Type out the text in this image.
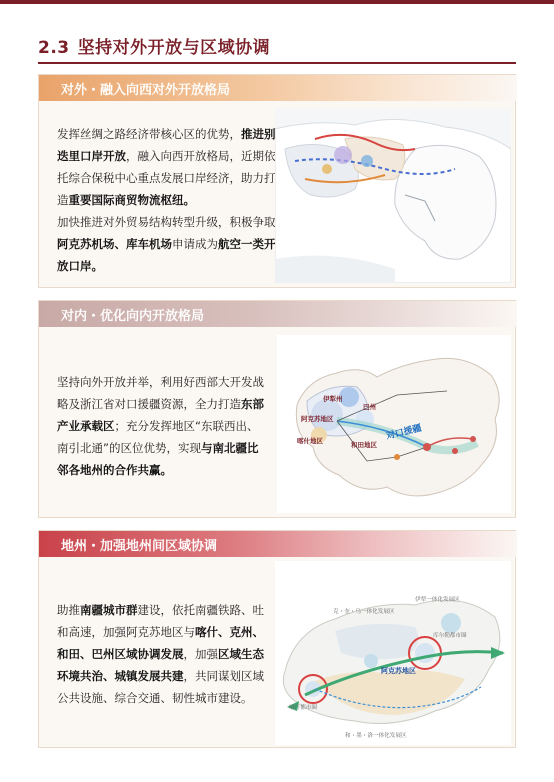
2.3 坚持对外开放与区域协调
对外・融入向西对外开放格局
发挥丝绸之路经济带核心区的优势，推进别迭里口岸开放，融入向西开放格局，近期依托综合保税中心重点发展口岸经济，助力打造重要国际商贸物流枢纽。
加快推进对外贸易结构转型升级，积极争取阿克苏机场、库车机场申请成为航空一类开放口岸。
对内・优化向内开放格局
坚持向外开放并举，利用好西部大开发战略及浙江省对口援疆资源，全力打造东部产业承载区；充分发挥地区“东联西出、南引北通”的区位优势，实现与南北疆比邻各地州的合作共赢。
伊犁州
阿克苏地区
巴州
喀什地区	和田地区
对口援疆
地州・加强地州间区域协调
助推南疆城市群建设，依托南疆铁路、吐和高速，加强阿克苏地区与喀什、克州、和田、巴州区域协调发展，加强区域生态环境共治、城镇发展共建，共同谋划区域公共设施、综合交通、韧性城市建设。
阿克苏地区
克・奎・乌一体化发展区
伊犁一体化发展区
喀什都市圈
和・墨・洛一体化发展区
库尔勒都市圈
